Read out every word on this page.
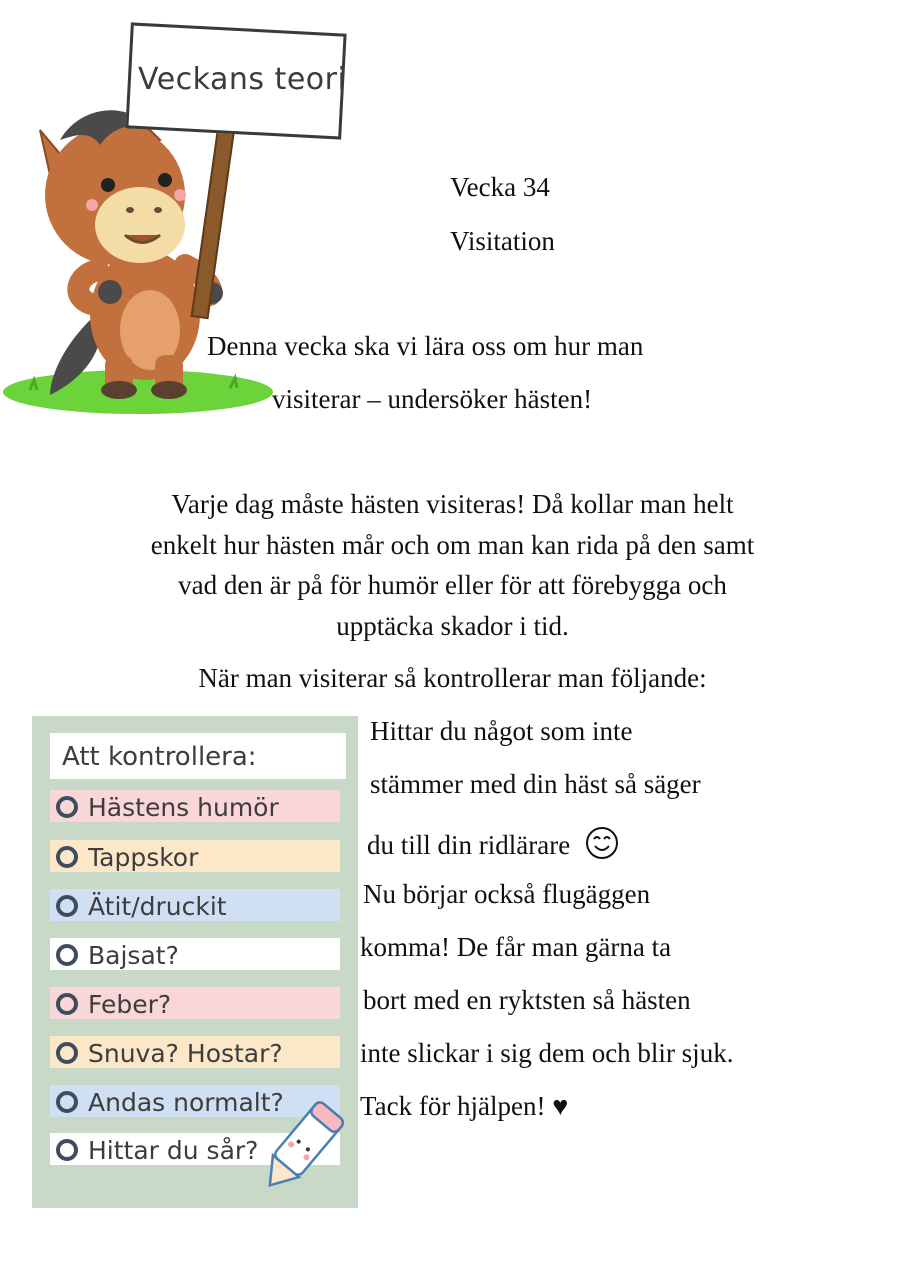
Veckans teori
Vecka 34
Visitation
Denna vecka ska vi lära oss om hur man
visiterar – undersöker hästen!
Varje dag måste hästen visiteras! Då kollar man helt
enkelt hur hästen mår och om man kan rida på den samt
vad den är på för humör eller för att förebygga och
upptäcka skador i tid.
När man visiterar så kontrollerar man följande:
Att kontrollera:
Hästens humör
Tappskor
Ätit/druckit
Bajsat?
Feber?
Snuva? Hostar?
Andas normalt?
Hittar du sår?
Hittar du något som inte
stämmer med din häst så säger
du till din ridlärare
Nu börjar också flugäggen
komma! De får man gärna ta
bort med en ryktsten så hästen
inte slickar i sig dem och blir sjuk.
Tack för hjälpen! ♥
